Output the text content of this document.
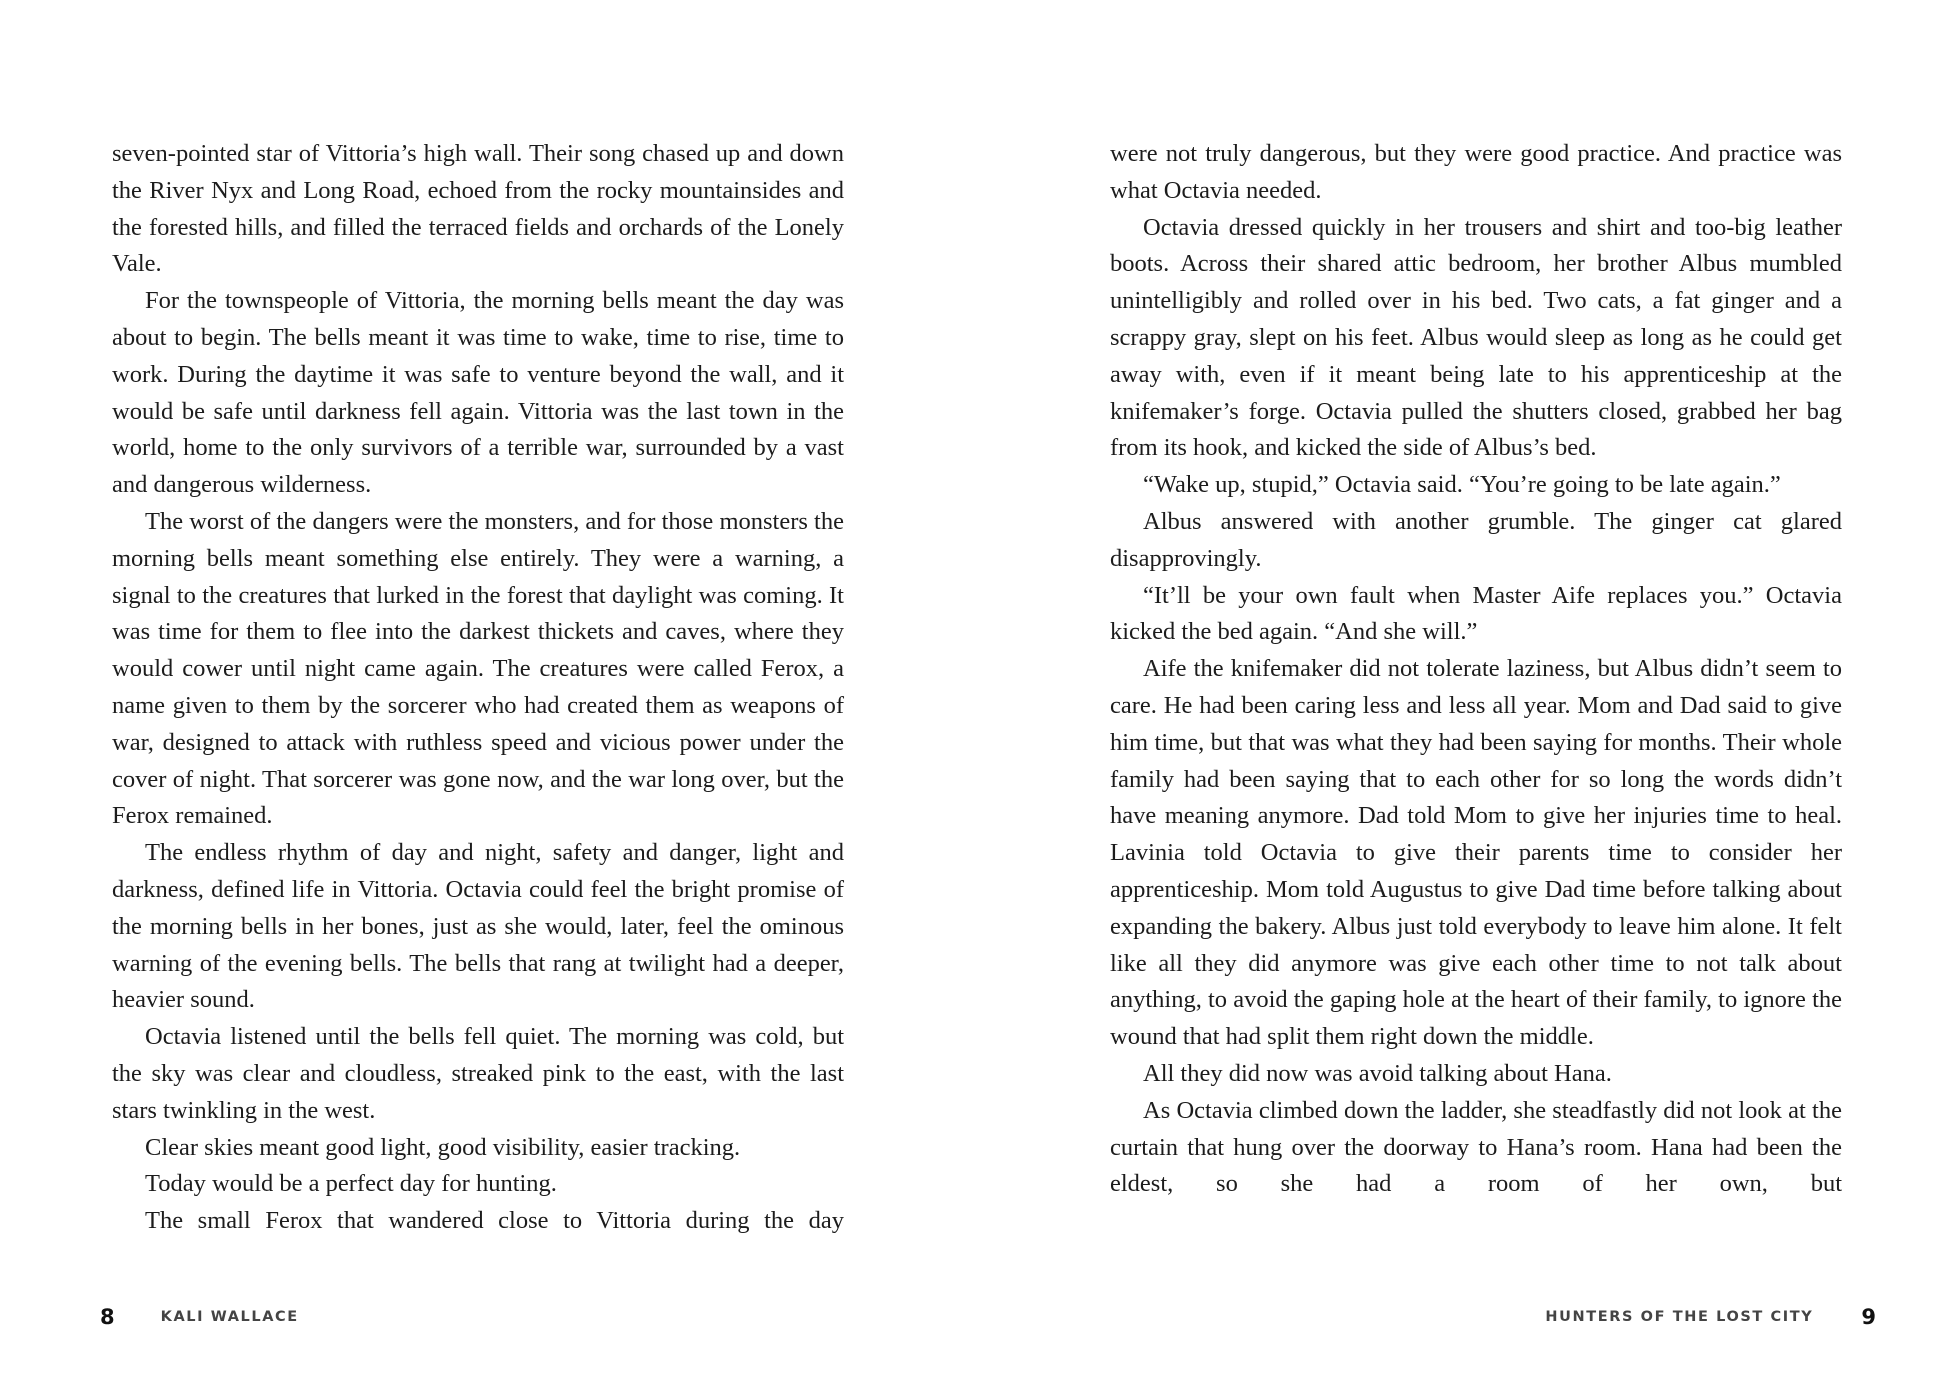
seven-pointed star of Vittoria’s high wall. Their song chased up and down the River Nyx and Long Road, echoed from the rocky mountainsides and the forested hills, and filled the terraced fields and orchards of the Lonely Vale.

For the townspeople of Vittoria, the morning bells meant the day was about to begin. The bells meant it was time to wake, time to rise, time to work. During the daytime it was safe to venture beyond the wall, and it would be safe until darkness fell again. Vittoria was the last town in the world, home to the only survivors of a terrible war, surrounded by a vast and dangerous wilderness.

The worst of the dangers were the monsters, and for those monsters the morning bells meant something else entirely. They were a warning, a signal to the creatures that lurked in the forest that daylight was coming. It was time for them to flee into the darkest thickets and caves, where they would cower until night came again. The creatures were called Ferox, a name given to them by the sorcerer who had created them as weapons of war, designed to attack with ruthless speed and vicious power under the cover of night. That sorcerer was gone now, and the war long over, but the Ferox remained.

The endless rhythm of day and night, safety and danger, light and darkness, defined life in Vittoria. Octavia could feel the bright promise of the morning bells in her bones, just as she would, later, feel the ominous warning of the evening bells. The bells that rang at twilight had a deeper, heavier sound.

Octavia listened until the bells fell quiet. The morning was cold, but the sky was clear and cloudless, streaked pink to the east, with the last stars twinkling in the west.

Clear skies meant good light, good visibility, easier tracking.

Today would be a perfect day for hunting.

The small Ferox that wandered close to Vittoria during the day

8	KALI WALLACE

were not truly dangerous, but they were good practice. And practice was what Octavia needed.

Octavia dressed quickly in her trousers and shirt and too-big leather boots. Across their shared attic bedroom, her brother Albus mumbled unintelligibly and rolled over in his bed. Two cats, a fat ginger and a scrappy gray, slept on his feet. Albus would sleep as long as he could get away with, even if it meant being late to his apprenticeship at the knifemaker’s forge. Octavia pulled the shutters closed, grabbed her bag from its hook, and kicked the side of Albus’s bed.

“Wake up, stupid,” Octavia said. “You’re going to be late again.”

Albus answered with another grumble. The ginger cat glared disapprovingly.

“It’ll be your own fault when Master Aife replaces you.” Octavia kicked the bed again. “And she will.”

Aife the knifemaker did not tolerate laziness, but Albus didn’t seem to care. He had been caring less and less all year. Mom and Dad said to give him time, but that was what they had been saying for months. Their whole family had been saying that to each other for so long the words didn’t have meaning anymore. Dad told Mom to give her injuries time to heal. Lavinia told Octavia to give their parents time to consider her apprenticeship. Mom told Augustus to give Dad time before talking about expanding the bakery. Albus just told everybody to leave him alone. It felt like all they did anymore was give each other time to not talk about anything, to avoid the gaping hole at the heart of their family, to ignore the wound that had split them right down the middle.

All they did now was avoid talking about Hana.

As Octavia climbed down the ladder, she steadfastly did not look at the curtain that hung over the doorway to Hana’s room. Hana had been the eldest, so she had a room of her own, but

HUNTERS OF THE LOST CITY 9
